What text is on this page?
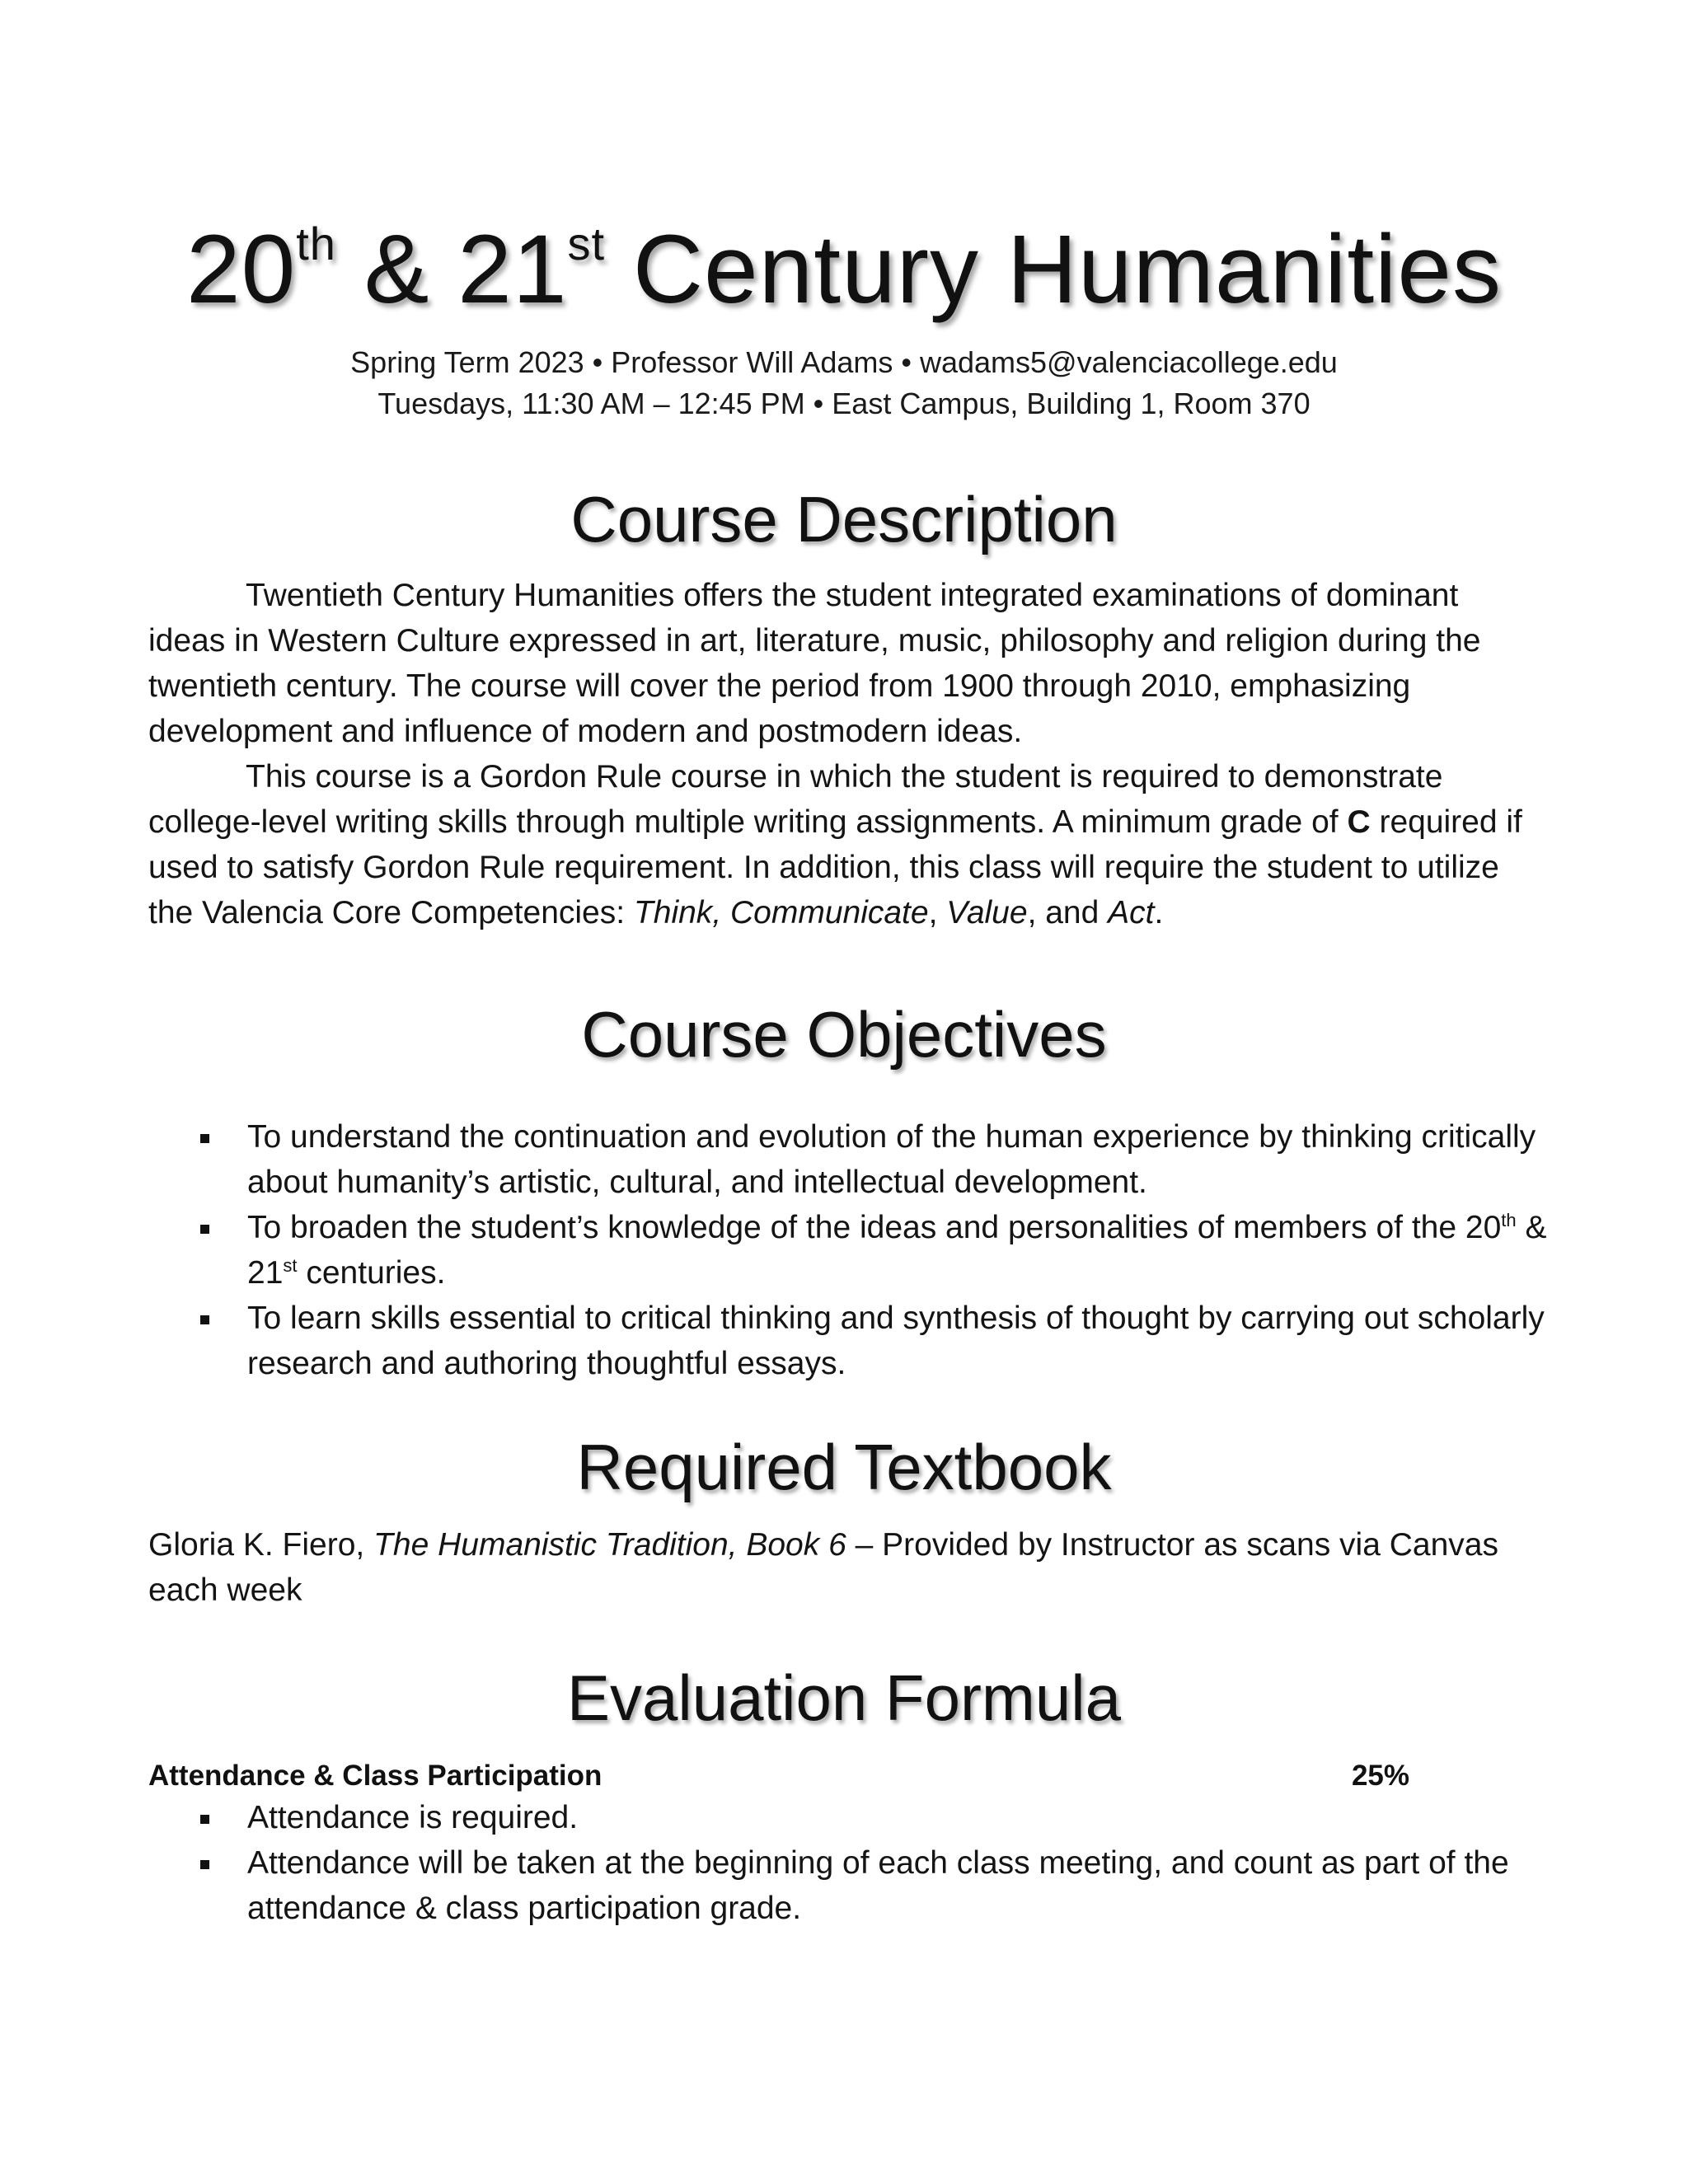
20th & 21st Century Humanities
Spring Term 2023 • Professor Will Adams • wadams5@valenciacollege.edu
Tuesdays, 11:30 AM – 12:45 PM • East Campus, Building 1, Room 370
Course Description
Twentieth Century Humanities offers the student integrated examinations of dominant ideas in Western Culture expressed in art, literature, music, philosophy and religion during the twentieth century. The course will cover the period from 1900 through 2010, emphasizing development and influence of modern and postmodern ideas.
This course is a Gordon Rule course in which the student is required to demonstrate college-level writing skills through multiple writing assignments. A minimum grade of C required if used to satisfy Gordon Rule requirement. In addition, this class will require the student to utilize the Valencia Core Competencies: Think, Communicate, Value, and Act.
Course Objectives
To understand the continuation and evolution of the human experience by thinking critically about humanity’s artistic, cultural, and intellectual development.
To broaden the student’s knowledge of the ideas and personalities of members of the 20th & 21st centuries.
To learn skills essential to critical thinking and synthesis of thought by carrying out scholarly research and authoring thoughtful essays.
Required Textbook
Gloria K. Fiero, The Humanistic Tradition, Book 6 – Provided by Instructor as scans via Canvas each week
Evaluation Formula
Attendance & Class Participation	25%
Attendance is required.
Attendance will be taken at the beginning of each class meeting, and count as part of the attendance & class participation grade.
